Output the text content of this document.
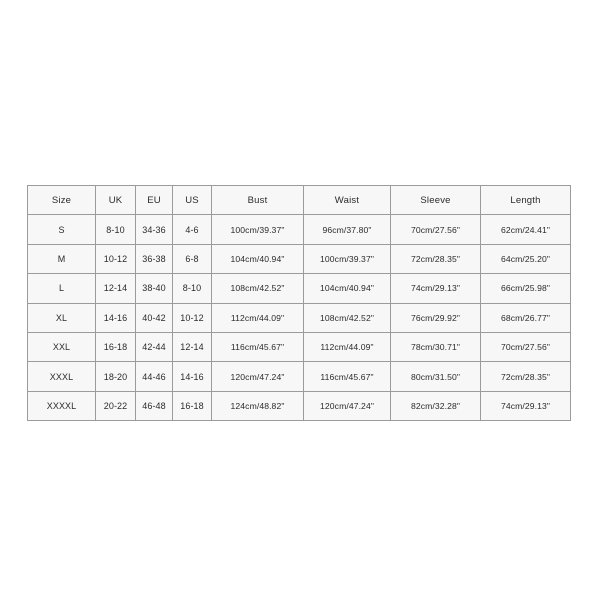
Size	UK	EU	US	Bust	Waist	Sleeve	Length
S	8-10	34-36	4-6	100cm/39.37"	96cm/37.80"	70cm/27.56"	62cm/24.41"
M	10-12	36-38	6-8	104cm/40.94"	100cm/39.37"	72cm/28.35"	64cm/25.20"
L	12-14	38-40	8-10	108cm/42.52"	104cm/40.94"	74cm/29.13"	66cm/25.98"
XL	14-16	40-42	10-12	112cm/44.09"	108cm/42.52"	76cm/29.92"	68cm/26.77"
XXL	16-18	42-44	12-14	116cm/45.67"	112cm/44.09"	78cm/30.71"	70cm/27.56"
XXXL	18-20	44-46	14-16	120cm/47.24"	116cm/45.67"	80cm/31.50"	72cm/28.35"
XXXXL	20-22	46-48	16-18	124cm/48.82"	120cm/47.24"	82cm/32.28"	74cm/29.13"
